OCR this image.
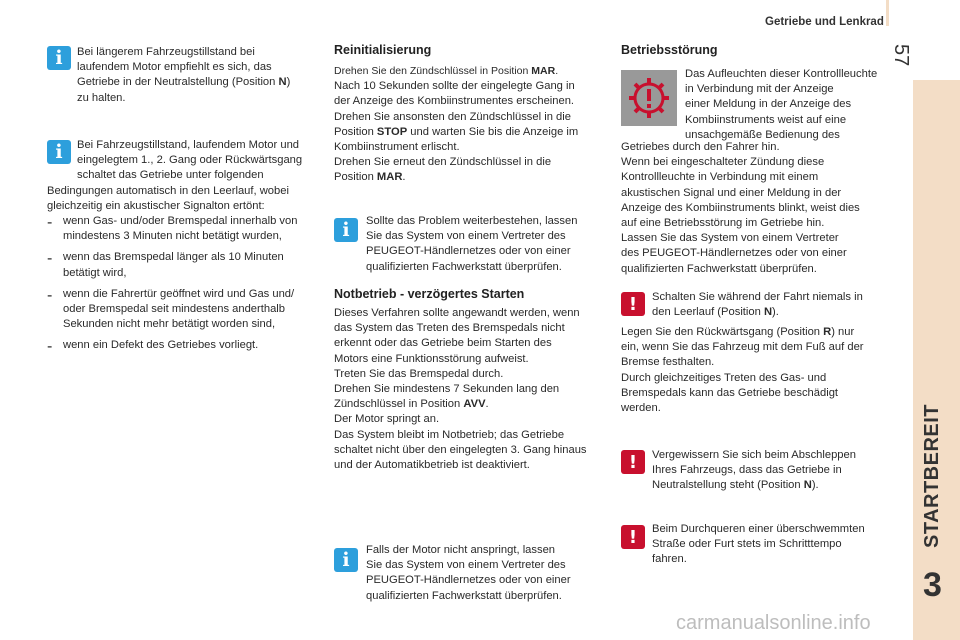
Getriebe und Lenkrad
57
STARTBEREIT
3
i	Bei längerem Fahrzeugstillstand bei

laufendem Motor empfiehlt es sich, das

Getriebe in der Neutralstellung (Position N)

zu halten.

i	Bei Fahrzeugstillstand, laufendem Motor und

eingelegtem 1., 2. Gang oder Rückwärtsgang

schaltet das Getriebe unter folgenden

Bedingungen automatisch in den Leerlauf, wobei

gleichzeitig ein akustischer Signalton ertönt:

- wenn Gas- und/oder Bremspedal innerhalb von

mindestens 3 Minuten nicht betätigt wurden,

- wenn das Bremspedal länger als 10 Minuten

betätigt wird,

- wenn die Fahrertür geöffnet wird und Gas und/

oder Bremspedal seit mindestens anderthalb

Sekunden nicht mehr betätigt worden sind,

- wenn ein Defekt des Getriebes vorliegt.

Reinitialisierung

Drehen Sie den Zündschlüssel in Position MAR.

Nach 10 Sekunden sollte der eingelegte Gang in

der Anzeige des Kombiinstrumentes erscheinen.

Drehen Sie ansonsten den Zündschlüssel in die

Position STOP und warten Sie bis die Anzeige im

Kombiinstrument erlischt.

Drehen Sie erneut den Zündschlüssel in die

Position MAR.

i	Sollte das Problem weiterbestehen, lassen

Sie das System von einem Vertreter des

PEUGEOT-Händlernetzes oder von einer

qualifizierten Fachwerkstatt überprüfen.

Notbetrieb - verzögertes Starten

Dieses Verfahren sollte angewandt werden, wenn

das System das Treten des Bremspedals nicht

erkennt oder das Getriebe beim Starten des

Motors eine Funktionsstörung aufweist.

Treten Sie das Bremspedal durch.

Drehen Sie mindestens 7 Sekunden lang den

Zündschlüssel in Position AVV.

Der Motor springt an.

Das System bleibt im Notbetrieb; das Getriebe

schaltet nicht über den eingelegten 3. Gang hinaus

und der Automatikbetrieb ist deaktiviert.

i	Falls der Motor nicht anspringt, lassen

Sie das System von einem Vertreter des

PEUGEOT-Händlernetzes oder von einer

qualifizierten Fachwerkstatt überprüfen.

Betriebsstörung

Das Aufleuchten dieser Kontrollleuchte

in Verbindung mit der Anzeige

einer Meldung in der Anzeige des

Kombiinstruments weist auf eine

unsachgemäße Bedienung des

Getriebes durch den Fahrer hin.

Wenn bei eingeschalteter Zündung diese

Kontrollleuchte in Verbindung mit einem

akustischen Signal und einer Meldung in der

Anzeige des Kombiinstruments blinkt, weist dies

auf eine Betriebsstörung im Getriebe hin.

Lassen Sie das System von einem Vertreter

des PEUGEOT-Händlernetzes oder von einer

qualifizierten Fachwerkstatt überprüfen.

!	Schalten Sie während der Fahrt niemals in

den Leerlauf (Position N).

Legen Sie den Rückwärtsgang (Position R) nur

ein, wenn Sie das Fahrzeug mit dem Fuß auf der

Bremse festhalten.

Durch gleichzeitiges Treten des Gas- und

Bremspedals kann das Getriebe beschädigt

werden.

!	Vergewissern Sie sich beim Abschleppen

Ihres Fahrzeugs, dass das Getriebe in

Neutralstellung steht (Position N).

!	Beim Durchqueren einer überschwemmten

Straße oder Furt stets im Schritttempo

fahren.

carmanualsonline.info
